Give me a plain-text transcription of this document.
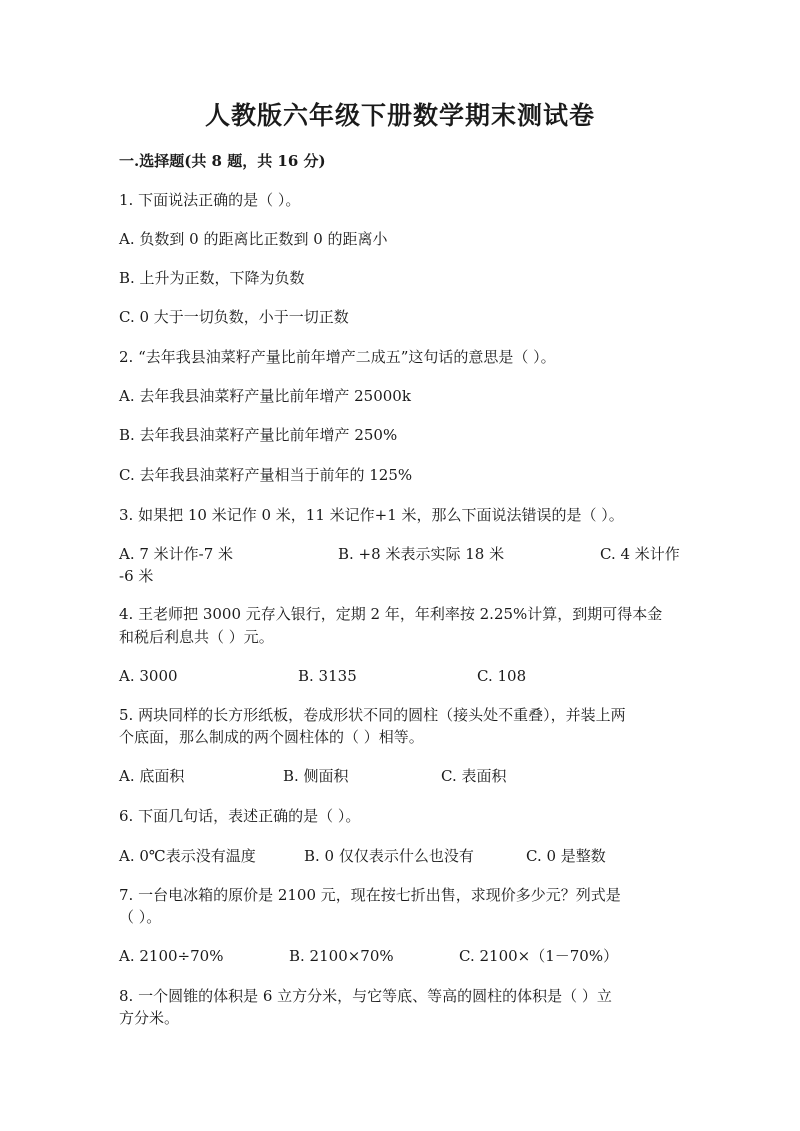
人教版六年级下册数学期末测试卷
一.选择题(共 8 题，共 16 分)
1. 下面说法正确的是（ ）。
A. 负数到 0 的距离比正数到 0 的距离小
B. 上升为正数，下降为负数
C. 0 大于一切负数，小于一切正数
2. “去年我县油菜籽产量比前年增产二成五”这句话的意思是（ ）。
A. 去年我县油菜籽产量比前年增产 25000k
B. 去年我县油菜籽产量比前年增产 250%
C. 去年我县油菜籽产量相当于前年的 125%
3. 如果把 10 米记作 0 米，11 米记作+1 米，那么下面说法错误的是（ ）。
A. 7 米计作-7 米	B. +8 米表示实际 18 米	C. 4 米计作
-6 米
4. 王老师把 3000 元存入银行，定期 2 年，年利率按 2.25%计算，到期可得本金
和税后利息共（ ）元。
A. 3000	B. 3135	C. 108
5. 两块同样的长方形纸板，卷成形状不同的圆柱（接头处不重叠），并装上两
个底面，那么制成的两个圆柱体的（ ）相等。
A. 底面积	B. 侧面积	C. 表面积
6. 下面几句话，表述正确的是（ ）。
A. 0℃表示没有温度	B. 0 仅仅表示什么也没有	C. 0 是整数
7. 一台电冰箱的原价是 2100 元，现在按七折出售，求现价多少元？列式是
（ ）。
A. 2100÷70%	B. 2100×70%	C. 2100×（1－70%）
8. 一个圆锥的体积是 6 立方分米，与它等底、等高的圆柱的体积是（ ）立
方分米。
